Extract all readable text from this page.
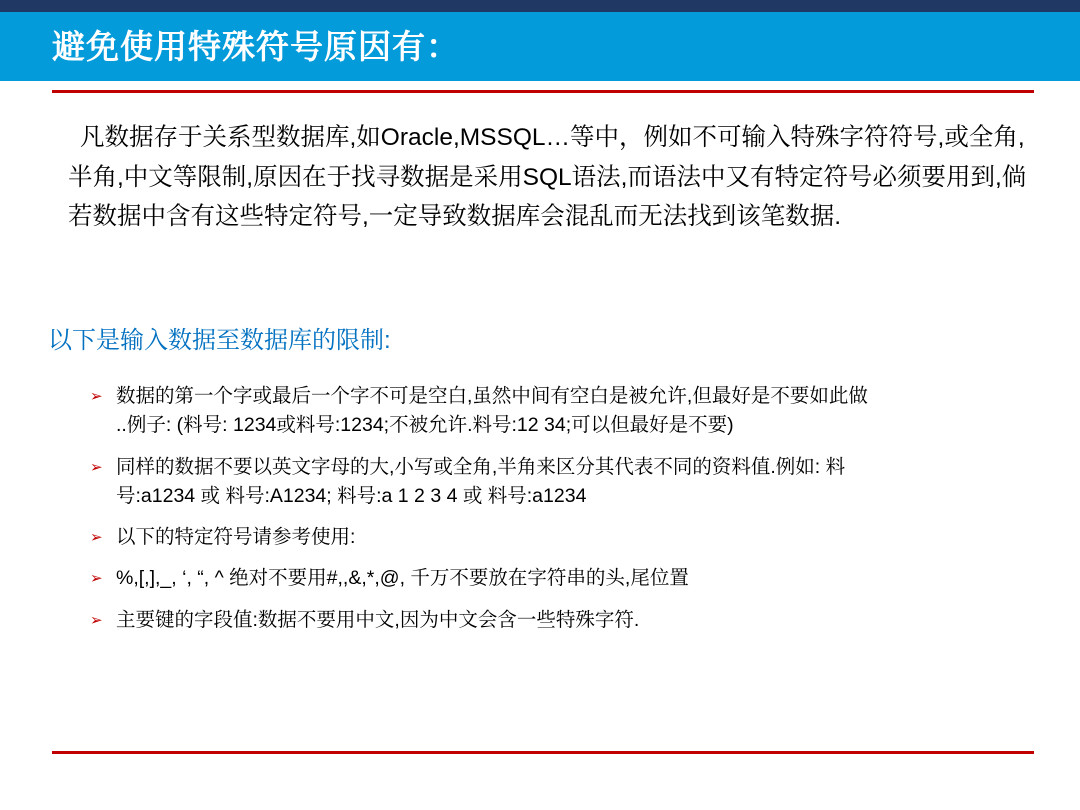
避免使用特殊符号原因有：

凡数据存于关系型数据库,如Oracle,MSSQL…等中，例如不可输入特殊字符符号,或全角,半角,中文等限制,原因在于找寻数据是采用SQL语法,而语法中又有特定符号必须要用到,倘若数据中含有这些特定符号,一定导致数据库会混乱而无法找到该笔数据.

以下是输入数据至数据库的限制:
➢ 数据的第一个字或最后一个字不可是空白,虽然中间有空白是被允许,但最好是不要如此做
..例子: (料号: 1234或料号:1234;不被允许.料号:12 34;可以但最好是不要)
➢ 同样的数据不要以英文字母的大,小写或全角,半角来区分其代表不同的资料值.例如: 料
号:a1234 或 料号:A1234; 料号:a 1 2 3 4 或 料号:a1234
➢ 以下的特定符号请参考使用:
➢ %,[,],_, ‘, “, ^ 绝对不要用#,,&,*,@, 千万不要放在字符串的头,尾位置
➢ 主要键的字段值:数据不要用中文,因为中文会含一些特殊字符.
